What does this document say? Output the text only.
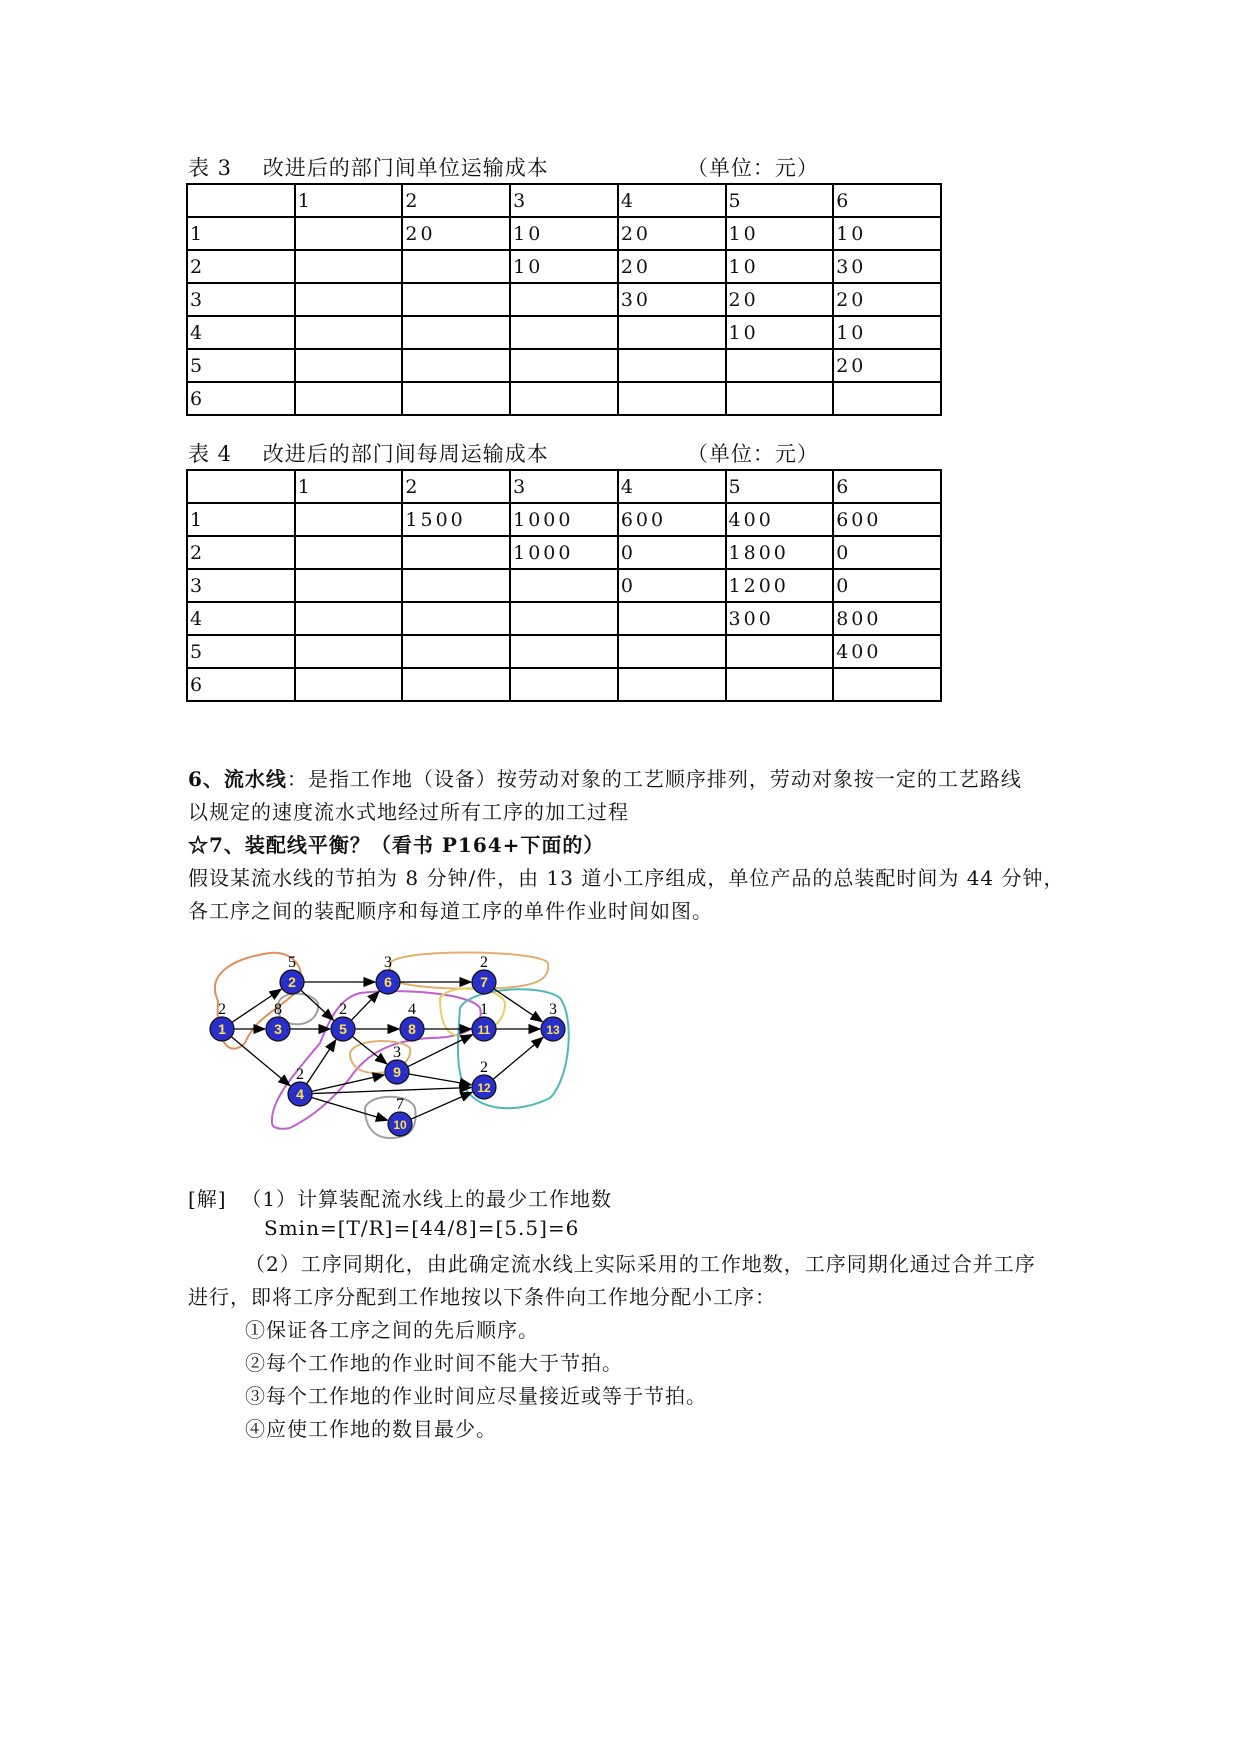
表 3    改进后的部门间单位运输成本                  （单位：元）
	1	2	3	4	5	6
1		20	10	20	10	10
2			10	20	10	30
3				30	20	20
4					10	10
5						20
6						
表 4    改进后的部门间每周运输成本                  （单位：元）
	1	2	3	4	5	6
1		1500	1000	600	400	600
2			1000	0	1800	0
3				0	1200	0
4					300	800
5						400
6						
6、流水线：是指工作地（设备）按劳动对象的工艺顺序排列，劳动对象按一定的工艺路线
以规定的速度流水式地经过所有工序的加工过程
☆7、装配线平衡？（看书 P164+下面的）
假设某流水线的节拍为 8 分钟/件，由 13 道小工序组成，单位产品的总装配时间为 44 分钟，
各工序之间的装配顺序和每道工序的单件作业时间如图。
1
2
2
5
3
8
4
2
5
2
6
3
7
2
8
4
9
3
10
7
11
1
12
2
13
3
[解]  （1）计算装配流水线上的最少工作地数
Smin=[T/R]=[44/8]=[5.5]=6
（2）工序同期化，由此确定流水线上实际采用的工作地数，工序同期化通过合并工序
进行，即将工序分配到工作地按以下条件向工作地分配小工序：
①保证各工序之间的先后顺序。
②每个工作地的作业时间不能大于节拍。
③每个工作地的作业时间应尽量接近或等于节拍。
④应使工作地的数目最少。
